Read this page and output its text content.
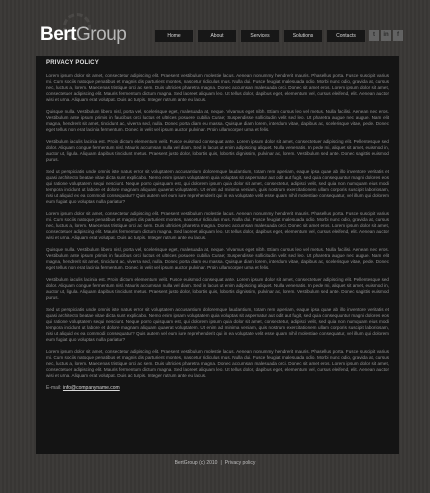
BertGroup	Home	About	Services	Solutions	Contacts	t	in	f
PRIVACY POLICY

Lorem ipsum dolor sit amet, consectetur adipiscing elit. Praesent vestibulum molestie lacus. Aenean nonummy hendrerit mauris. Phasellus porta. Fusce suscipit varius mi. Cum sociis natoque penatibus et magnis dis parturient montes, nascetur ridiculus mus. Nulla dui. Fusce feugiat malesuada odio. Morbi nunc odio, gravida at, cursus nec, luctus a, lorem. Maecenas tristique orci ac sem. Duis ultricies pharetra magna. Donec accumsan malesuada orci. Donec sit amet eros. Lorem ipsum dolor sit amet, consectetuer adipiscing elit. Mauris fermentum dictum magna. Sed laoreet aliquam leo. Ut tellus dolor, dapibus eget, elementum vel, cursus eleifend, elit. Aenean auctor wisi et urna. Aliquam erat volutpat. Duis ac turpis. Integer rutrum ante eu lacus.

Quisque nulla. Vestibulum libero nisl, porta vel, scelerisque eget, malesuada at, neque. Vivamus eget nibh. Etiam cursus leo vel metus. Nulla facilisi. Aenean nec eros. Vestibulum ante ipsum primis in faucibus orci luctus et ultrices posuere cubilia Curae; Suspendisse sollicitudin velit sed leo. Ut pharetra augue nec augue. Nam elit magna, hendrerit sit amet, tincidunt ac, viverra sed, nulla. Donec porta diam eu massa. Quisque diam lorem, interdum vitae, dapibus ac, scelerisque vitae, pede. Donec eget tellus non erat lacinia fermentum. Donec in velit vel ipsum auctor pulvinar. Proin ullamcorper urna et felis.

Vestibulum iaculis lacinia est. Proin dictum elementum velit. Fusce euismod consequat ante. Lorem ipsum dolor sit amet, consectetuer adipiscing elit. Pellentesque sed dolor. Aliquam congue fermentum nisl. Mauris accumsan nulla vel diam. Sed in lacus ut enim adipiscing aliquet. Nulla venenatis. In pede mi, aliquet sit amet, euismod in, auctor ut, ligula. Aliquam dapibus tincidunt metus. Praesent justo dolor, lobortis quis, lobortis dignissim, pulvinar ac, lorem. Vestibulum sed ante. Donec sagittis euismod purus.

Sed ut perspiciatis unde omnis iste natus error sit voluptatem accusantium doloremque laudantium, totam rem aperiam, eaque ipsa quae ab illo inventore veritatis et quasi architecto beatae vitae dicta sunt explicabo. Nemo enim ipsam voluptatem quia voluptas sit aspernatur aut odit aut fugit, sed quia consequuntur magni dolores eos qui ratione voluptatem sequi nesciunt. Neque porro quisquam est, qui dolorem ipsum quia dolor sit amet, consectetur, adipisci velit, sed quia non numquam eius modi tempora incidunt ut labore et dolore magnam aliquam quaerat voluptatem. Ut enim ad minima veniam, quis nostrum exercitationem ullam corporis suscipit laboriosam, nisi ut aliquid ex ea commodi consequatur? Quis autem vel eum iure reprehenderit qui in ea voluptate velit esse quam nihil molestiae consequatur, vel illum qui dolorem eum fugiat quo voluptas nulla pariatur?

Lorem ipsum dolor sit amet, consectetur adipiscing elit. Praesent vestibulum molestie lacus. Aenean nonummy hendrerit mauris. Phasellus porta. Fusce suscipit varius mi. Cum sociis natoque penatibus et magnis dis parturient montes, nascetur ridiculus mus. Nulla dui. Fusce feugiat malesuada odio. Morbi nunc odio, gravida at, cursus nec, luctus a, lorem. Maecenas tristique orci ac sem. Duis ultricies pharetra magna. Donec accumsan malesuada orci. Donec sit amet eros. Lorem ipsum dolor sit amet, consectetuer adipiscing elit. Mauris fermentum dictum magna. Sed laoreet aliquam leo. Ut tellus dolor, dapibus eget, elementum vel, cursus eleifend, elit. Aenean auctor wisi et urna. Aliquam erat volutpat. Duis ac turpis. Integer rutrum ante eu lacus.

Quisque nulla. Vestibulum libero nisl, porta vel, scelerisque eget, malesuada at, neque. Vivamus eget nibh. Etiam cursus leo vel metus. Nulla facilisi. Aenean nec eros. Vestibulum ante ipsum primis in faucibus orci luctus et ultrices posuere cubilia Curae; Suspendisse sollicitudin velit sed leo. Ut pharetra augue nec augue. Nam elit magna, hendrerit sit amet, tincidunt ac, viverra sed, nulla. Donec porta diam eu massa. Quisque diam lorem, interdum vitae, dapibus ac, scelerisque vitae, pede. Donec eget tellus non erat lacinia fermentum. Donec in velit vel ipsum auctor pulvinar. Proin ullamcorper urna et felis.

Vestibulum iaculis lacinia est. Proin dictum elementum velit. Fusce euismod consequat ante. Lorem ipsum dolor sit amet, consectetuer adipiscing elit. Pellentesque sed dolor. Aliquam congue fermentum nisl. Mauris accumsan nulla vel diam. Sed in lacus ut enim adipiscing aliquet. Nulla venenatis. In pede mi, aliquet sit amet, euismod in, auctor ut, ligula. Aliquam dapibus tincidunt metus. Praesent justo dolor, lobortis quis, lobortis dignissim, pulvinar ac, lorem. Vestibulum sed ante. Donec sagittis euismod purus.

Sed ut perspiciatis unde omnis iste natus error sit voluptatem accusantium doloremque laudantium, totam rem aperiam, eaque ipsa quae ab illo inventore veritatis et quasi architecto beatae vitae dicta sunt explicabo. Nemo enim ipsam voluptatem quia voluptas sit aspernatur aut odit aut fugit, sed quia consequuntur magni dolores eos qui ratione voluptatem sequi nesciunt. Neque porro quisquam est, qui dolorem ipsum quia dolor sit amet, consectetur, adipisci velit, sed quia non numquam eius modi tempora incidunt ut labore et dolore magnam aliquam quaerat voluptatem. Ut enim ad minima veniam, quis nostrum exercitationem ullam corporis suscipit laboriosam, nisi ut aliquid ex ea commodi consequatur? Quis autem vel eum iure reprehenderit qui in ea voluptate velit esse quam nihil molestiae consequatur, vel illum qui dolorem eum fugiat quo voluptas nulla pariatur?

Lorem ipsum dolor sit amet, consectetur adipiscing elit. Praesent vestibulum molestie lacus. Aenean nonummy hendrerit mauris. Phasellus porta. Fusce suscipit varius mi. Cum sociis natoque penatibus et magnis dis parturient montes, nascetur ridiculus mus. Nulla dui. Fusce feugiat malesuada odio. Morbi nunc odio, gravida at, cursus nec, luctus a, lorem. Maecenas tristique orci ac sem. Duis ultricies pharetra magna. Donec accumsan malesuada orci. Donec sit amet eros. Lorem ipsum dolor sit amet, consectetuer adipiscing elit. Mauris fermentum dictum magna. Sed laoreet aliquam leo. Ut tellus dolor, dapibus eget, elementum vel, cursus eleifend, elit. Aenean auctor wisi et urna. Aliquam erat volutpat. Duis ac turpis. Integer rutrum ante eu lacus.

E-mail: info@companyname.com
BertGroup (c) 2010 | Privacy policy
